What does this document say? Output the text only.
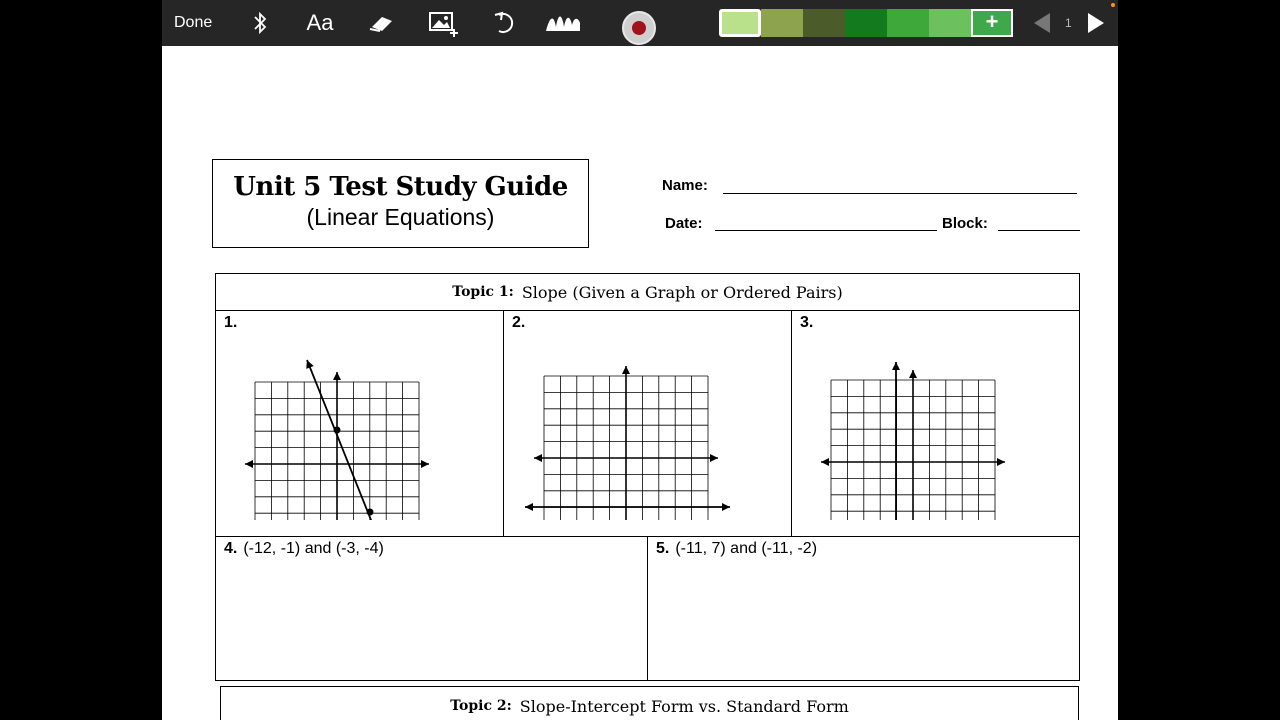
Done	Aa	+	1
Unit 5 Test Study Guide
(Linear Equations)
Name:
Date:	Block:
Topic 1: Slope (Given a Graph or Ordered Pairs)
1.	2.	3.
4. (-12, -1) and (-3, -4)	5. (-11, 7) and (-11, -2)
Topic 2: Slope-Intercept Form vs. Standard Form
